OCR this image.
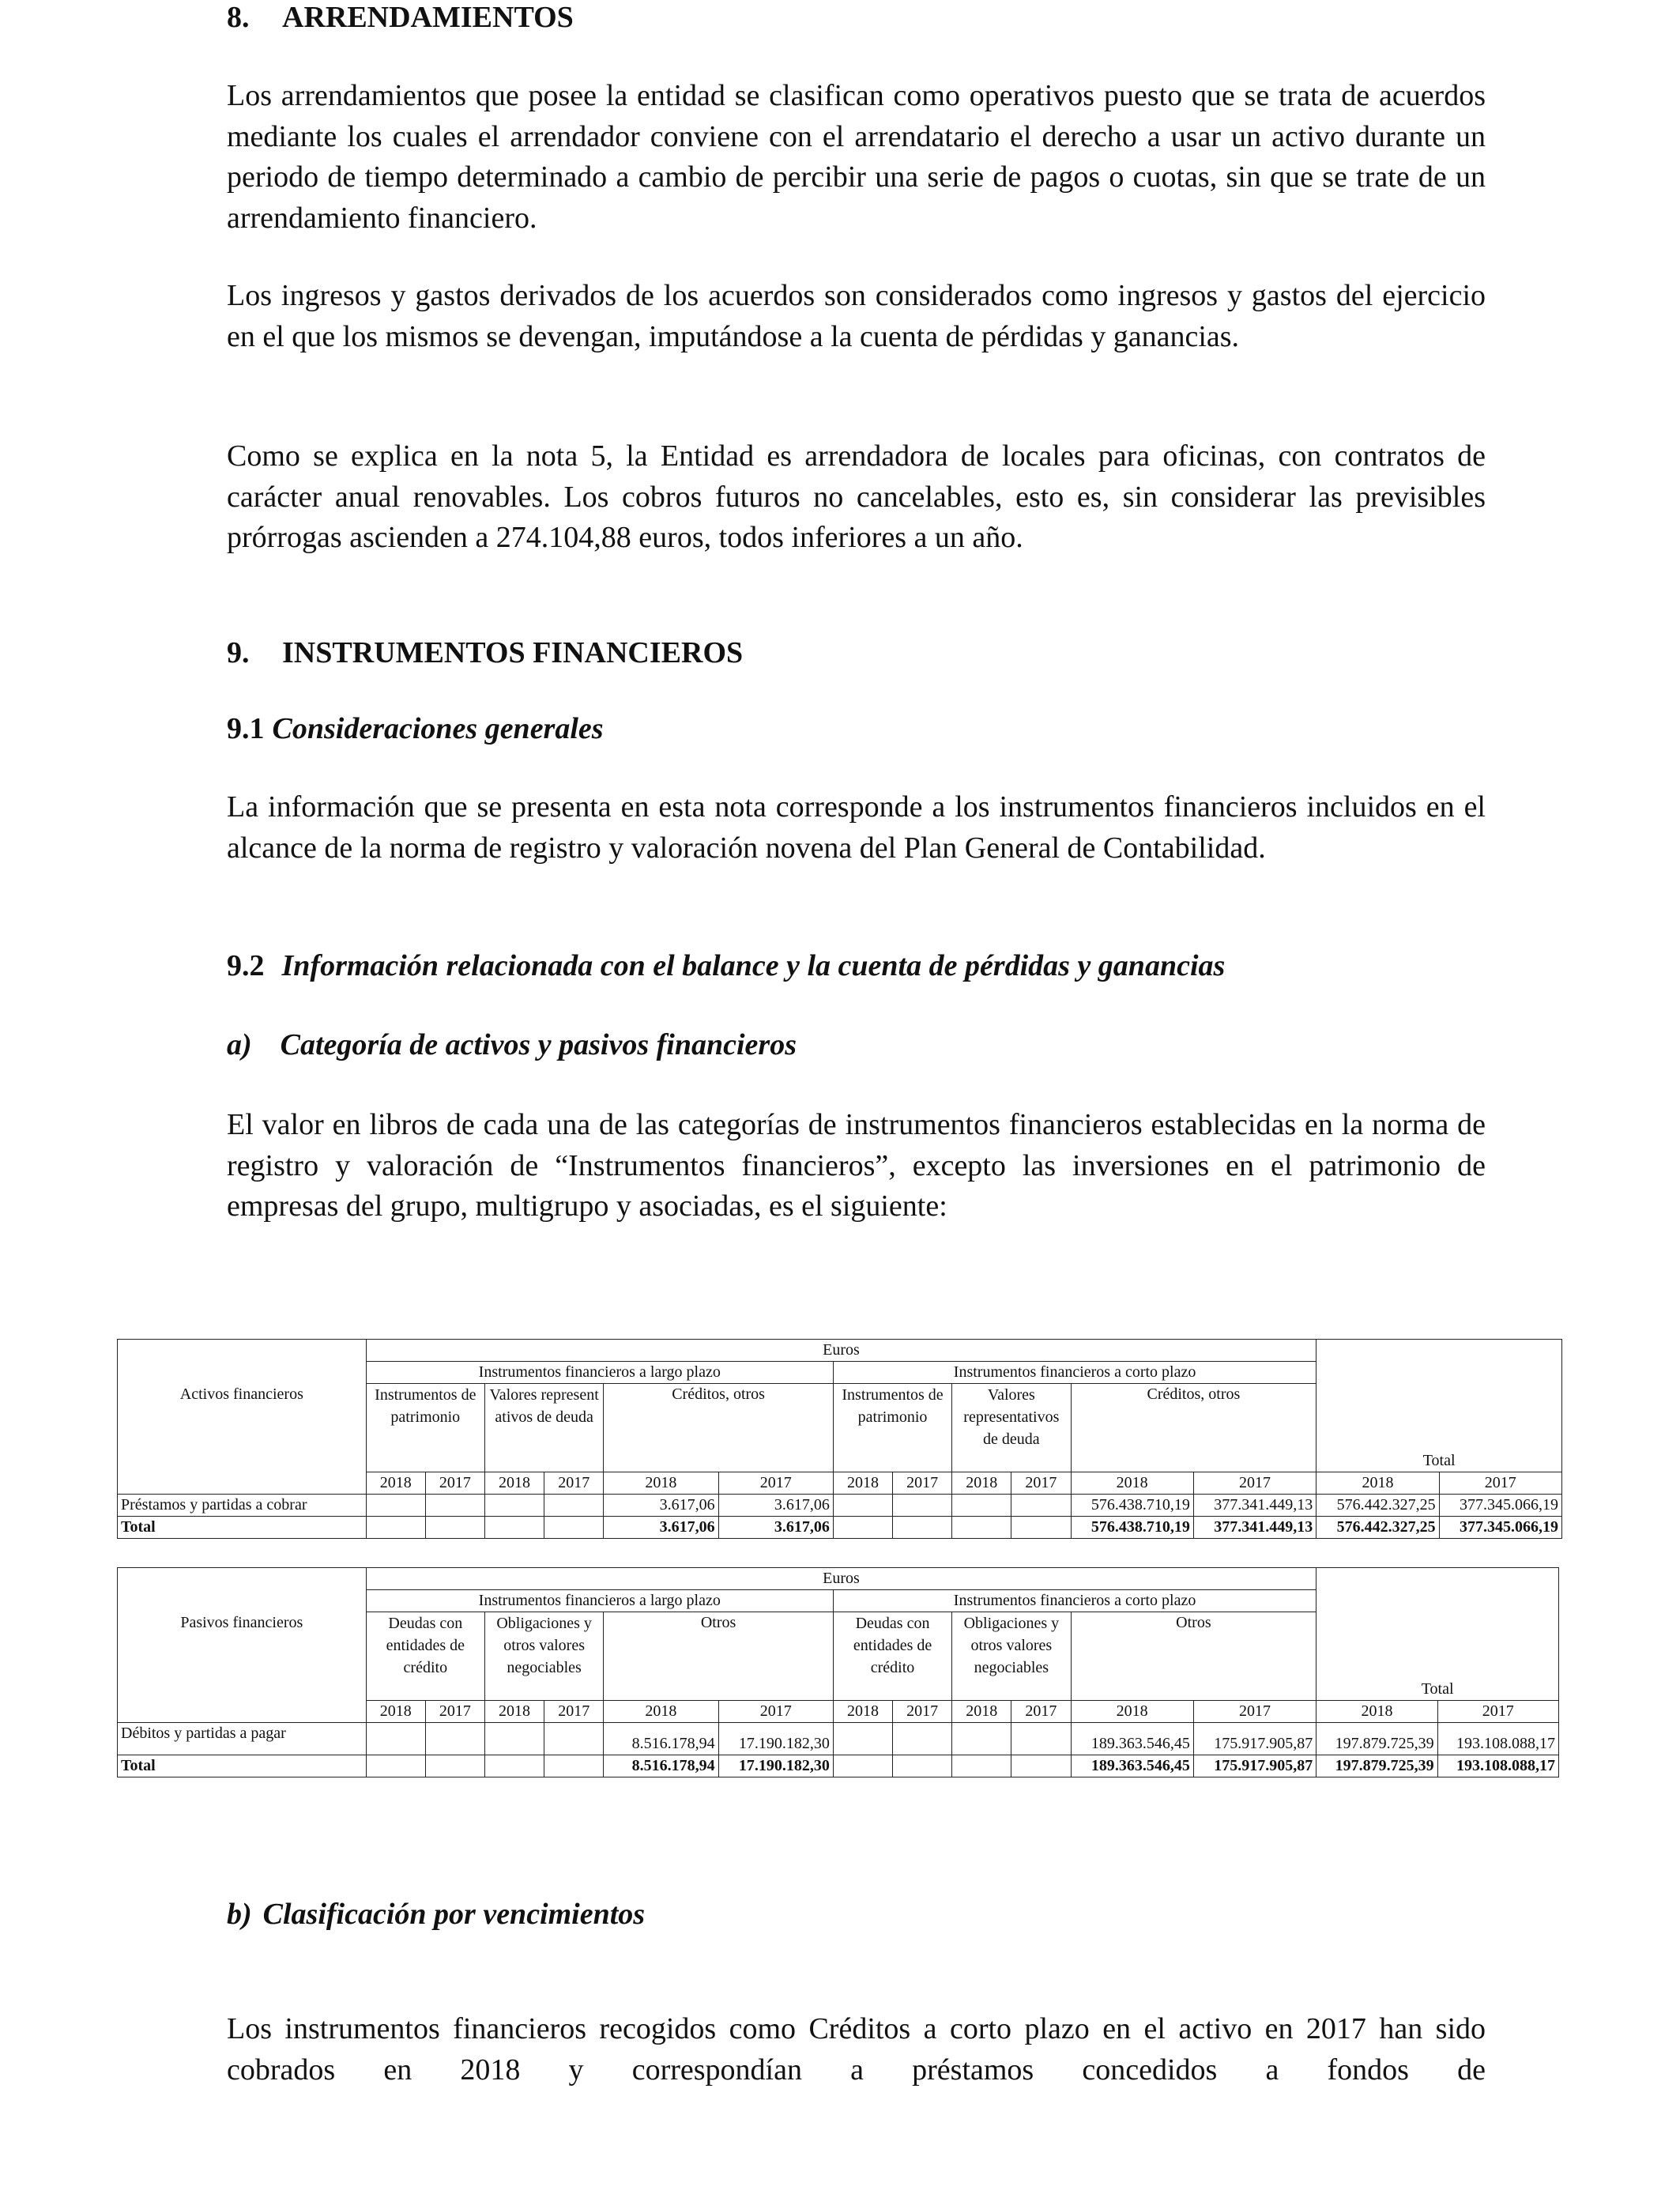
8. ARRENDAMIENTOS

Los arrendamientos que posee la entidad se clasifican como operativos puesto que se trata de acuerdos mediante los cuales el arrendador conviene con el arrendatario el derecho a usar un activo durante un periodo de tiempo determinado a cambio de percibir una serie de pagos o cuotas, sin que se trate de un arrendamiento financiero.

Los ingresos y gastos derivados de los acuerdos son considerados como ingresos y gastos del ejercicio en el que los mismos se devengan, imputándose a la cuenta de pérdidas y ganancias.

Como se explica en la nota 5, la Entidad es arrendadora de locales para oficinas, con contratos de carácter anual renovables. Los cobros futuros no cancelables, esto es, sin considerar las previsibles prórrogas ascienden a 274.104,88 euros, todos inferiores a un año.

9. INSTRUMENTOS FINANCIEROS
9.1 Consideraciones generales

La información que se presenta en esta nota corresponde a los instrumentos financieros incluidos en el alcance de la norma de registro y valoración novena del Plan General de Contabilidad.

9.2 Información relacionada con el balance y la cuenta de pérdidas y ganancias
a) Categoría de activos y pasivos financieros

El valor en libros de cada una de las categorías de instrumentos financieros establecidas en la norma de registro y valoración de “Instrumentos financieros”, excepto las inversiones en el patrimonio de empresas del grupo, multigrupo y asociadas, es el siguiente:

Activos financieros	Euros													
	Instrumentos financieros a largo plazo						Instrumentos financieros a corto plazo							
	Instrumentos de patrimonio		Valores representativos de deuda		Créditos, otros		Instrumentos de patrimonio		Valores representativos de deuda		Créditos, otros			
													Total	
	2018	2017	2018	2017	2018	2017	2018	2017	2018	2017	2018	2017	2018	2017
Préstamos y partidas a cobrar					3.617,06	3.617,06					576.438.710,19	377.341.449,13	576.442.327,25	377.345.066,19
Total					3.617,06	3.617,06					576.438.710,19	377.341.449,13	576.442.327,25	377.345.066,19
Pasivos financieros	Euros													
	Instrumentos financieros a largo plazo						Instrumentos financieros a corto plazo							
	Deudas con entidades de crédito		Obligaciones y otros valores negociables		Otros		Deudas con entidades de crédito		Obligaciones y otros valores negociables		Otros			
													Total	
	2018	2017	2018	2017	2018	2017	2018	2017	2018	2017	2018	2017	2018	2017
Débitos y partidas a pagar					8.516.178,94	17.190.182,30					189.363.546,45	175.917.905,87	197.879.725,39	193.108.088,17
Total					8.516.178,94	17.190.182,30					189.363.546,45	175.917.905,87	197.879.725,39	193.108.088,17
b) Clasificación por vencimientos

Los instrumentos financieros recogidos como Créditos a corto plazo en el activo en 2017 han sido cobrados en 2018 y correspondían a préstamos concedidos a fondos de
